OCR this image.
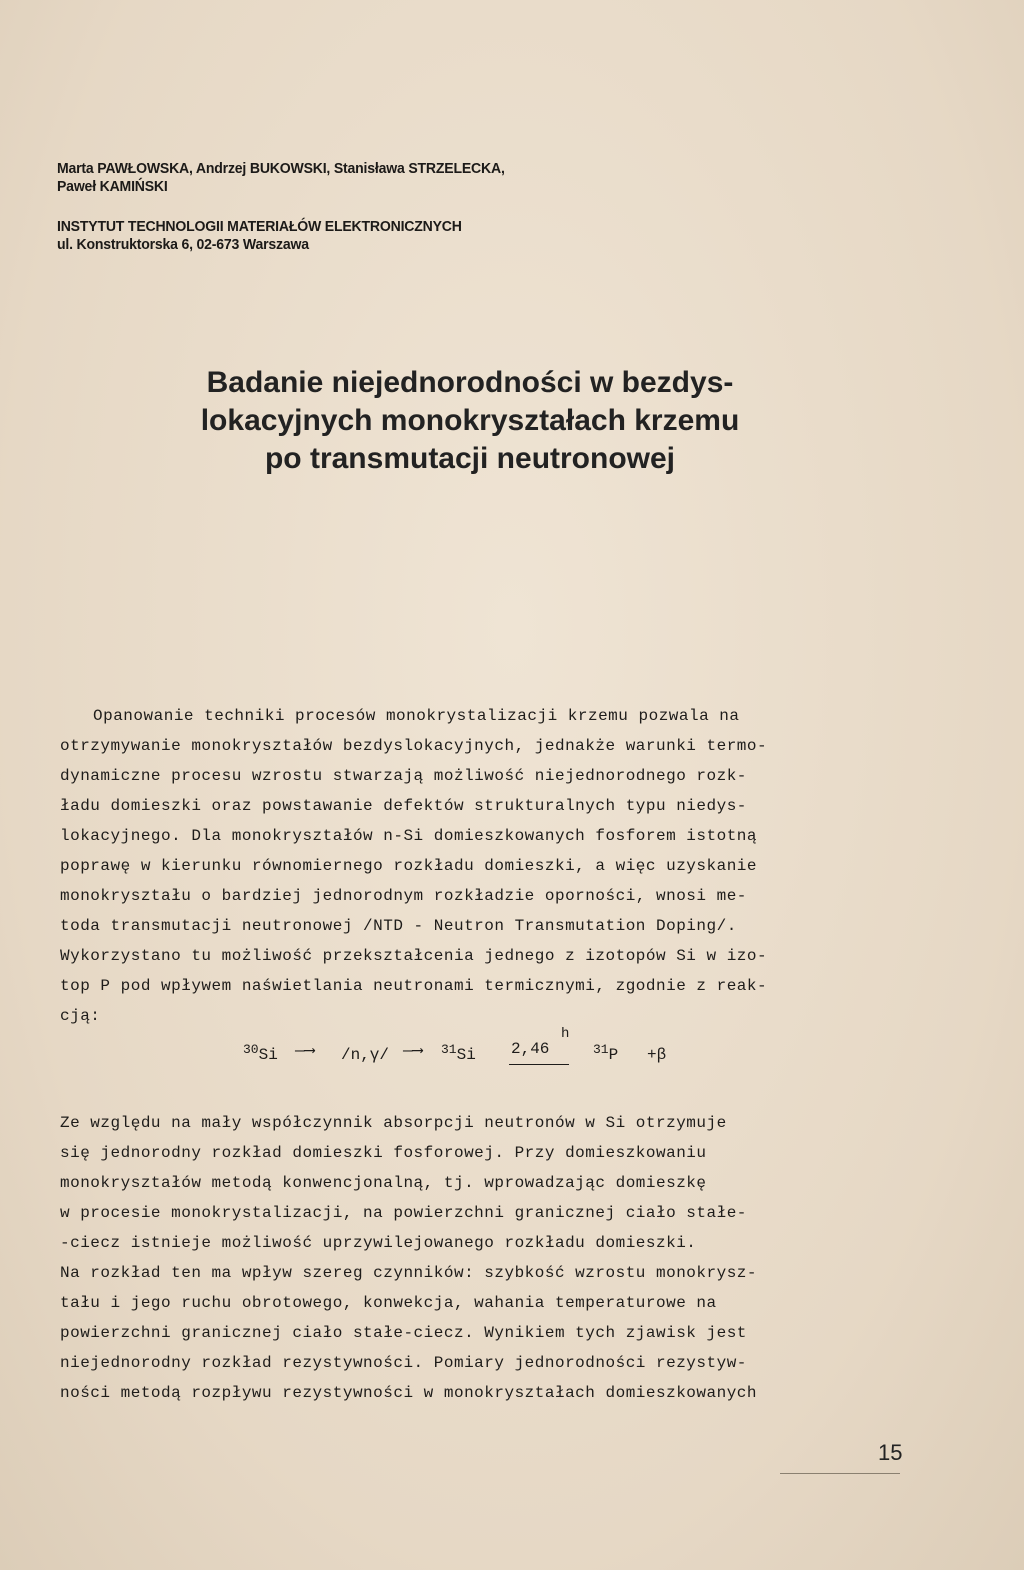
Marta PAWŁOWSKA, Andrzej BUKOWSKI, Stanisława STRZELECKA,

Paweł KAMIŃSKI

INSTYTUT TECHNOLOGII MATERIAŁÓW ELEKTRONICZNYCH

ul. Konstruktorska 6, 02-673 Warszawa

Badanie niejednorodności w bezdys-

lokacyjnych monokryształach krzemu

po transmutacji neutronowej

Opanowanie techniki procesów monokrystalizacji krzemu pozwala na

otrzymywanie monokryształów bezdyslokacyjnych, jednakże warunki termo-

dynamiczne procesu wzrostu stwarzają możliwość niejednorodnego rozk-

ładu domieszki oraz powstawanie defektów strukturalnych typu niedys-

lokacyjnego. Dla monokryształów n-Si domieszkowanych fosforem istotną

poprawę w kierunku równomiernego rozkładu domieszki, a więc uzyskanie

monokryształu o bardziej jednorodnym rozkładzie oporności, wnosi me-

toda transmutacji neutronowej /NTD - Neutron Transmutation Doping/.

Wykorzystano tu możliwość przekształcenia jednego z izotopów Si w izo-

top P pod wpływem naświetlania neutronami termicznymi, zgodnie z reak-

cją:

$^{30}$Si —⟶ /n,γ/ —⟶ $^{31}$Si 2,46
h
$^{31}$P +β

Ze względu na mały współczynnik absorpcji neutronów w Si otrzymuje

się jednorodny rozkład domieszki fosforowej. Przy domieszkowaniu

monokryształów metodą konwencjonalną, tj. wprowadzając domieszkę

w procesie monokrystalizacji, na powierzchni granicznej ciało stałe-

-ciecz istnieje możliwość uprzywilejowanego rozkładu domieszki.

Na rozkład ten ma wpływ szereg czynników: szybkość wzrostu monokrysz-

tału i jego ruchu obrotowego, konwekcja, wahania temperaturowe na

powierzchni granicznej ciało stałe-ciecz. Wynikiem tych zjawisk jest

niejednorodny rozkład rezystywności. Pomiary jednorodności rezystyw-

ności metodą rozpływu rezystywności w monokryształach domieszkowanych

15
